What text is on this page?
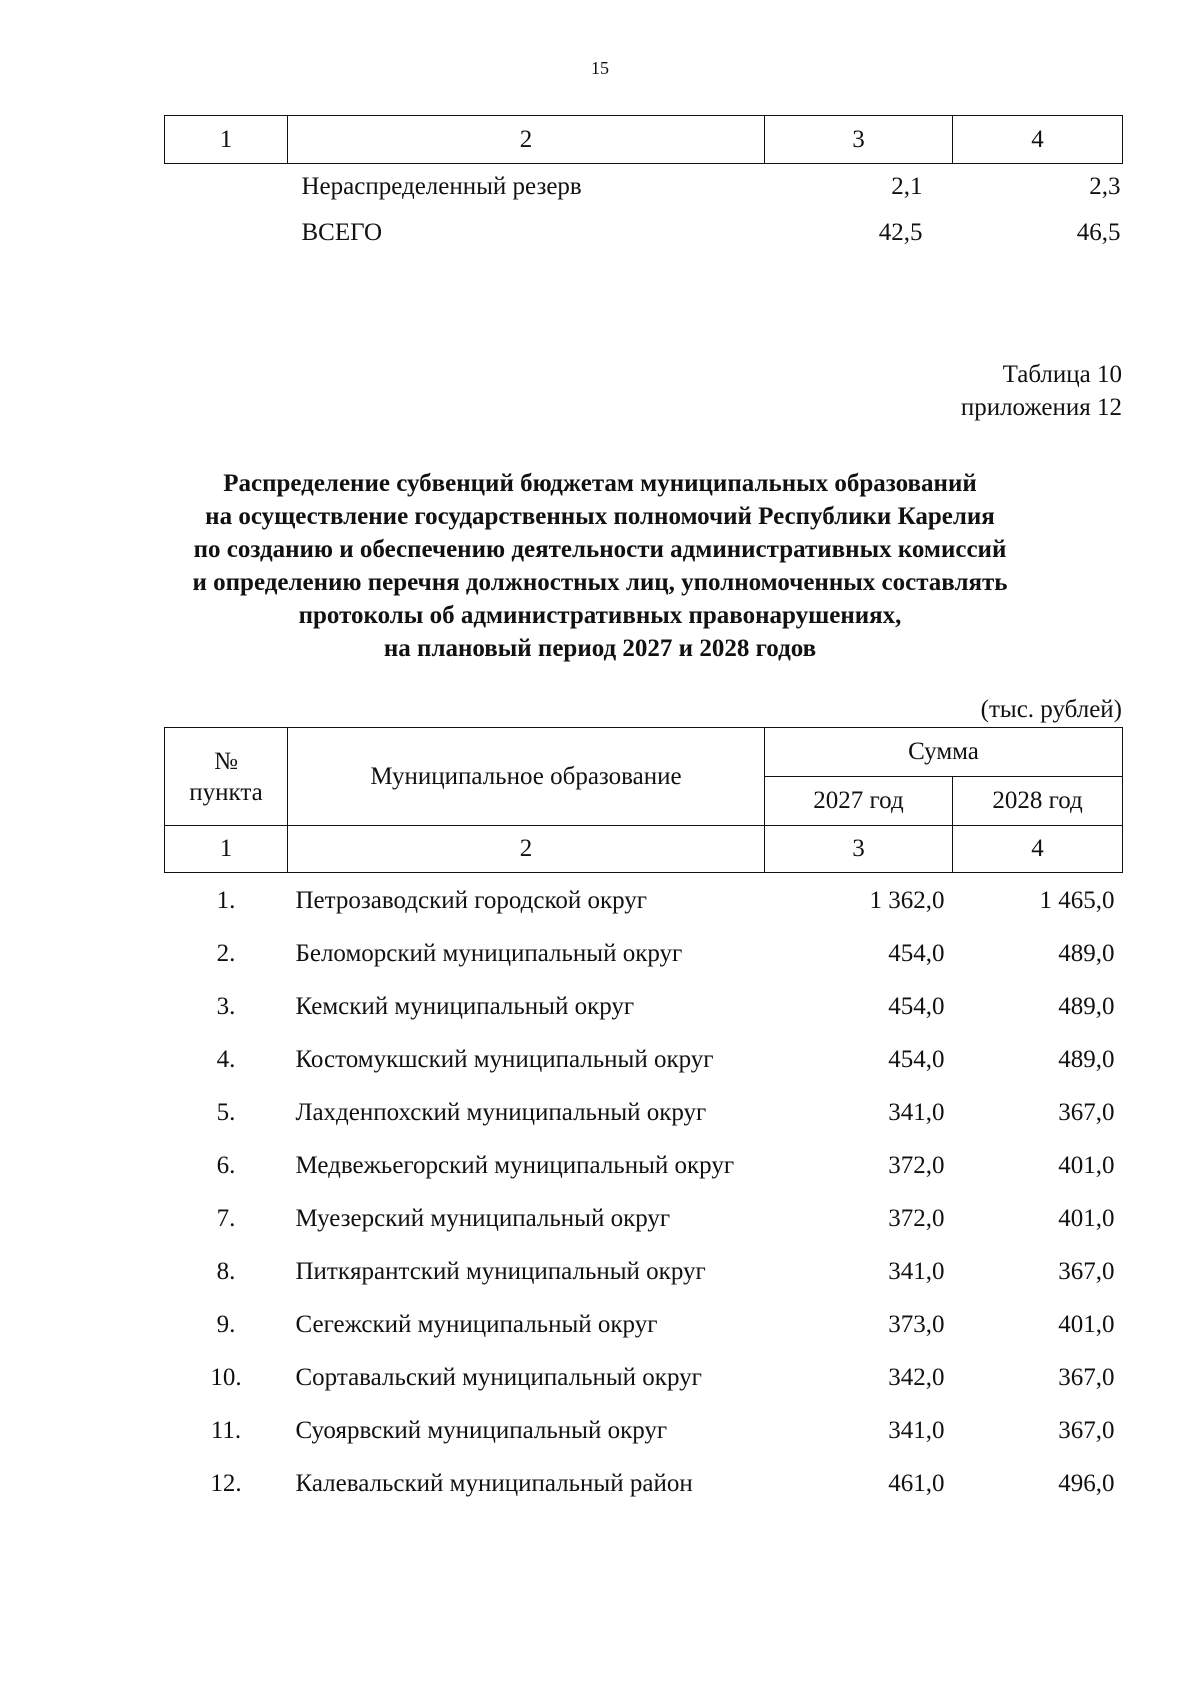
15
1	2	3	4
	Нераспределенный резерв	2,1	2,3
	ВСЕГО	42,5	46,5
Таблица 10
приложения 12
Распределение субвенций бюджетам муниципальных образований
на осуществление государственных полномочий Республики Карелия
по созданию и обеспечению деятельности административных комиссий
и определению перечня должностных лиц, уполномоченных составлять
протоколы об административных правонарушениях,
на плановый период 2027 и 2028 годов
(тыс. рублей)
№
пункта	Муниципальное образование	Сумма	
		2027 год	2028 год
1	2	3	4
1.	Петрозаводский городской округ	1 362,0	1 465,0
2.	Беломорский муниципальный округ	454,0	489,0
3.	Кемский муниципальный округ	454,0	489,0
4.	Костомукшский муниципальный округ	454,0	489,0
5.	Лахденпохский муниципальный округ	341,0	367,0
6.	Медвежьегорский муниципальный округ	372,0	401,0
7.	Муезерский муниципальный округ	372,0	401,0
8.	Питкярантский муниципальный округ	341,0	367,0
9.	Сегежский муниципальный округ	373,0	401,0
10.	Сортавальский муниципальный округ	342,0	367,0
11.	Суоярвский муниципальный округ	341,0	367,0
12.	Калевальский муниципальный район	461,0	496,0
